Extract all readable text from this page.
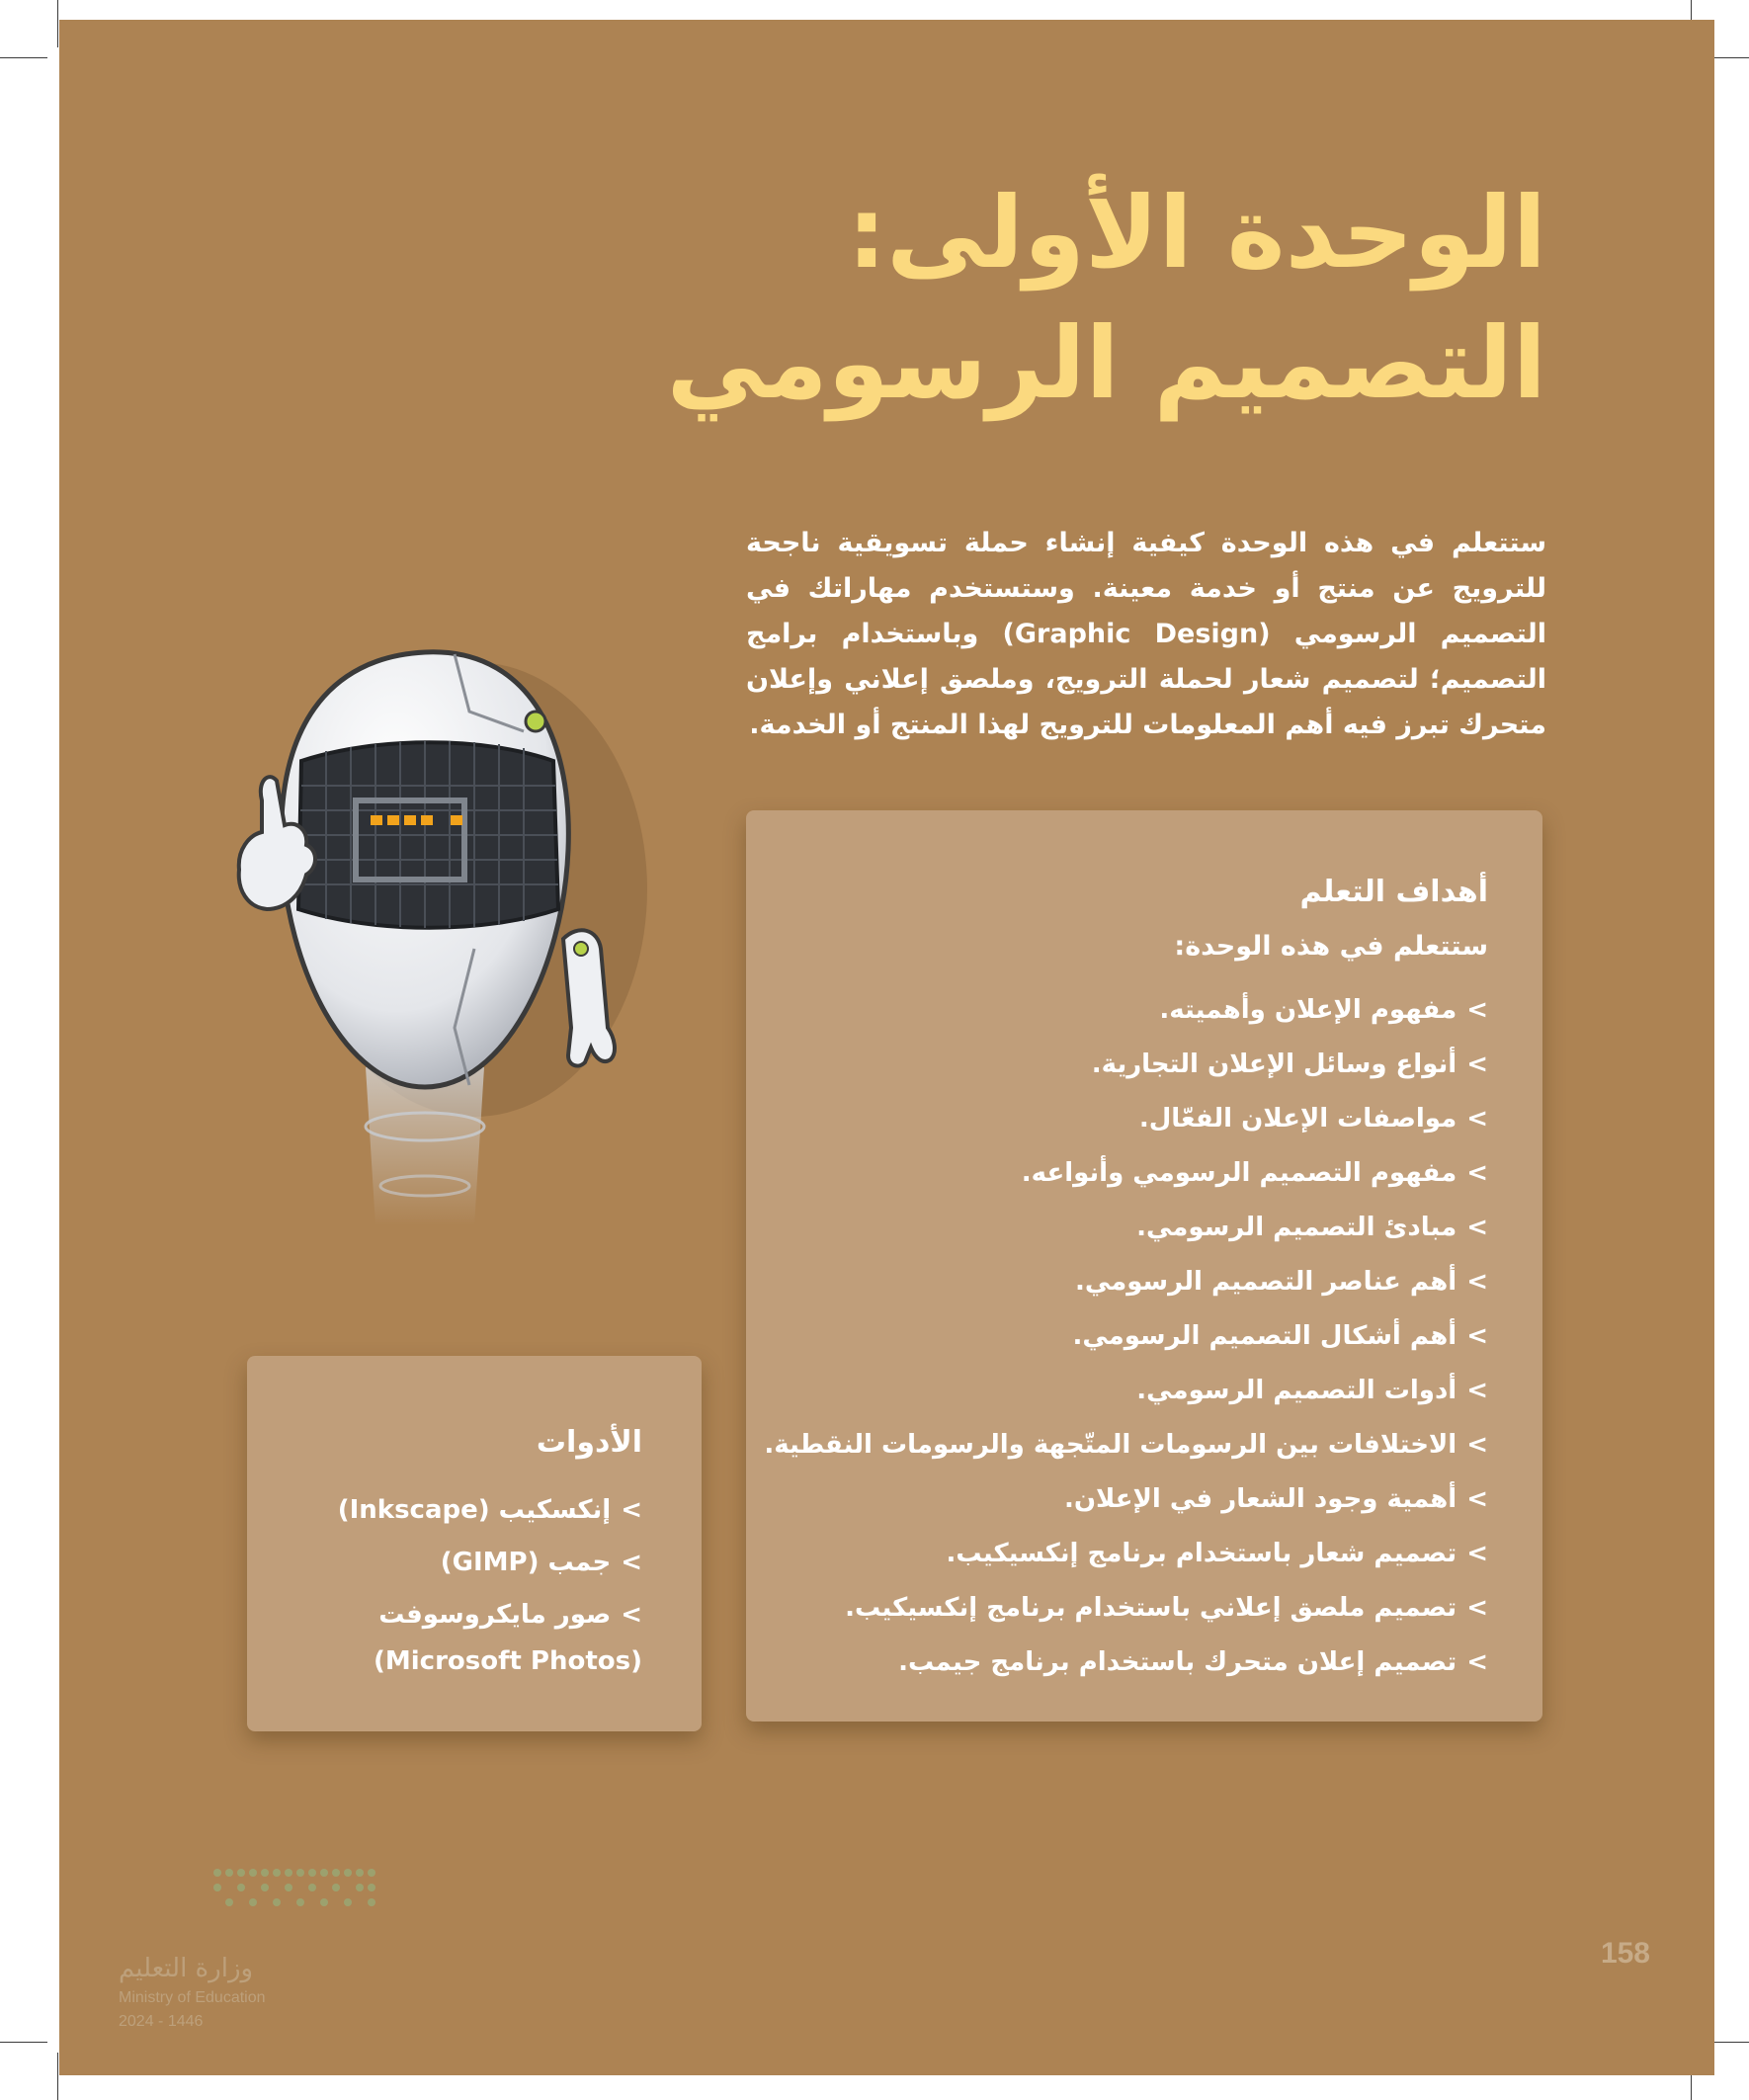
الوحدة الأولى:
التصميم الرسومي

ستتعلم في هذه الوحدة كيفية إنشاء حملة تسويقية ناجحة للترويج عن منتج أو خدمة معينة. وستستخدم مهاراتك في التصميم الرسومي (Graphic Design) وباستخدام برامج التصميم؛ لتصميم شعار لحملة الترويج، وملصق إعلاني وإعلان متحرك تبرز فيه أهم المعلومات للترويج لهذا المنتج أو الخدمة.

أهداف التعلم
ستتعلم في هذه الوحدة:
>مفهوم الإعلان وأهميته.
>أنواع وسائل الإعلان التجارية.
>مواصفات الإعلان الفعّال.
>مفهوم التصميم الرسومي وأنواعه.
>مبادئ التصميم الرسومي.
>أهم عناصر التصميم الرسومي.
>أهم أشكال التصميم الرسومي.
>أدوات التصميم الرسومي.
>الاختلافات بين الرسومات المتّجهة والرسومات النقطية.
>أهمية وجود الشعار في الإعلان.
>تصميم شعار باستخدام برنامج إنكسيكيب.
>تصميم ملصق إعلاني باستخدام برنامج إنكسيكيب.
>تصميم إعلان متحرك باستخدام برنامج جيمب.
الأدوات
>إنكسكيب (Inkscape)
>جمب (GIMP)
>صور مايكروسوفت
(Microsoft Photos)
وزارة التعليم
Ministry of Education
2024 - 1446
158
